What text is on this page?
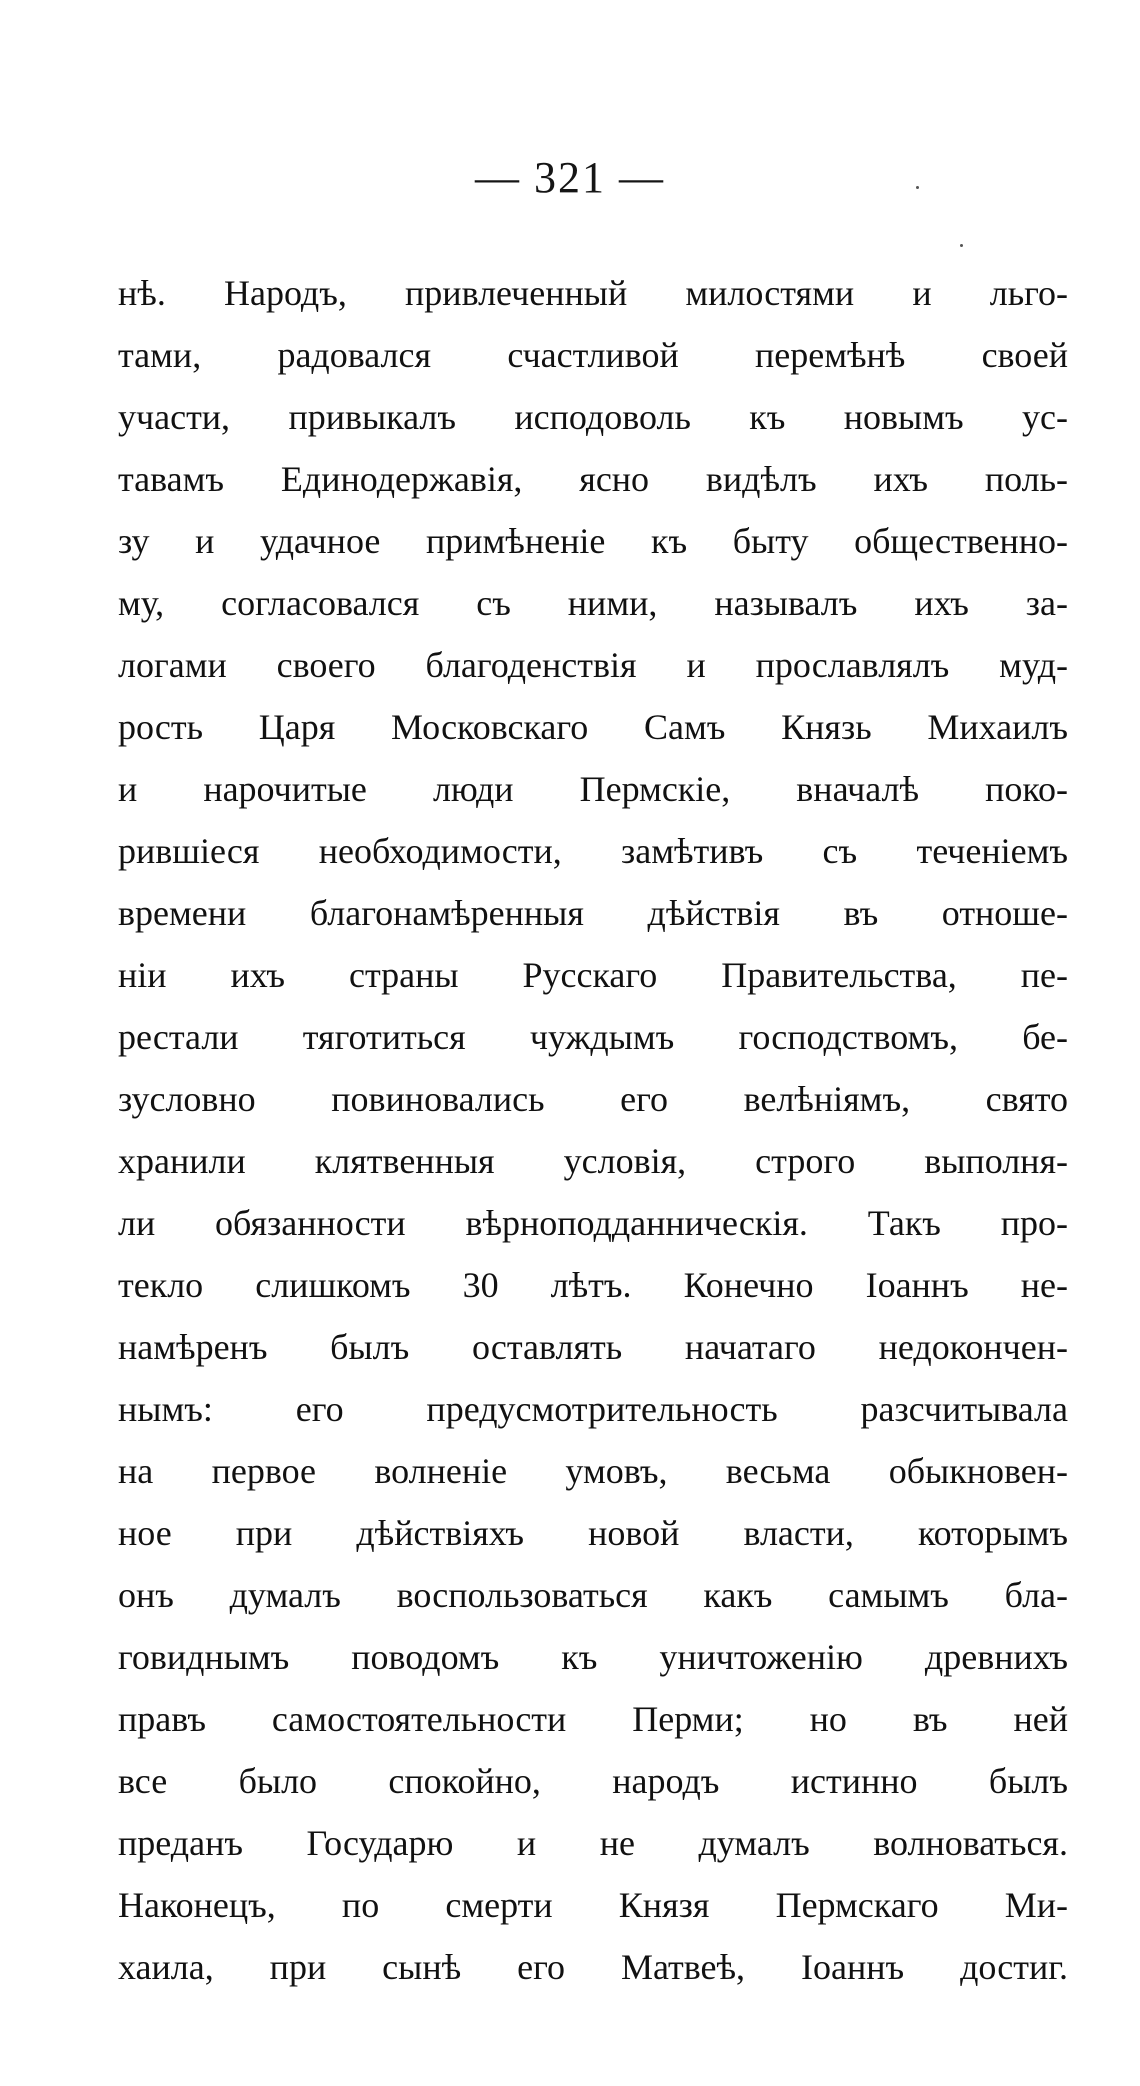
— 321 —
нѣ. Народъ, привлеченный милостями и льго-
тами, радовался счастливой перемѣнѣ своей
участи, привыкалъ исподоволь къ новымъ ус-
тавамъ Единодержавія, ясно видѣлъ ихъ поль-
зу и удачное примѣненіе къ быту общественно-
му, согласовался съ ними, называлъ ихъ за-
логами своего благоденствія и прославлялъ муд-
рость Царя Московскаго Самъ Князь Михаилъ
и нарочитые люди Пермскіе, вначалѣ поко-
рившіеся необходимости, замѣтивъ съ теченіемъ
времени благонамѣренныя дѣйствія въ отноше-
ніи ихъ страны Русскаго Правительства, пе-
рестали тяготиться чуждымъ господствомъ, бе-
зусловно повиновались его велѣніямъ, свято
хранили клятвенныя условія, строго выполня-
ли обязанности вѣрноподданническія. Такъ про-
текло слишкомъ 30 лѣтъ. Конечно Іоаннъ не-
намѣренъ былъ оставлять начатаго недокончен-
нымъ: его предусмотрительность разсчитывала
на первое волненіе умовъ, весьма обыкновен-
ное при дѣйствіяхъ новой власти, которымъ
онъ думалъ воспользоваться какъ самымъ бла-
говиднымъ поводомъ къ уничтоженію древнихъ
правъ самостоятельности Перми; но въ ней
все было спокойно, народъ истинно былъ
преданъ Государю и не думалъ волноваться.
Наконецъ, по смерти Князя Пермскаго Ми-
хаила, при сынѣ его Матвеѣ, Іоаннъ достиг.
